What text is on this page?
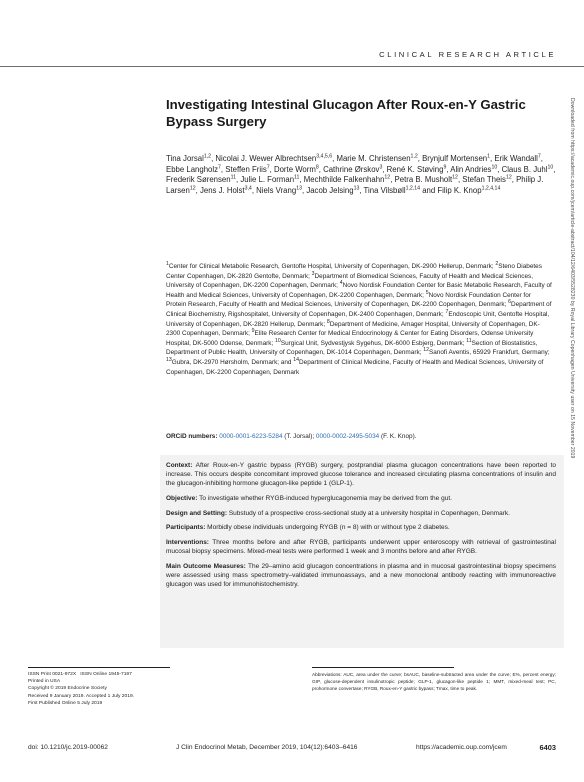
CLINICAL RESEARCH ARTICLE
Investigating Intestinal Glucagon After Roux-en-Y Gastric Bypass Surgery
Tina Jorsal$^{1,2}$, Nicolai J. Wewer Albrechtsen$^{3,4,5,6}$, Marie M. Christensen$^{1,2}$, Brynjulf Mortensen$^1$, Erik Wandall$^7$, Ebbe Langholz$^7$, Steffen Friis$^7$, Dorte Worm$^8$, Cathrine Ørskov$^3$, René K. Støving$^9$, Alin Andries$^{10}$, Claus B. Juhl$^{10}$, Frederik Sørensen$^{11}$, Julie L. Forman$^{11}$, Mechthilde Falkenhahn$^{12}$, Petra B. Musholt$^{12}$, Stefan Theis$^{12}$, Philip J. Larsen$^{12}$, Jens J. Holst$^{3,4}$, Niels Vrang$^{13}$, Jacob Jelsing$^{13}$, Tina Vilsbøll$^{1,2,14}$ and Filip K. Knop$^{1,2,4,14}$

$^1$Center for Clinical Metabolic Research, Gentofte Hospital, University of Copenhagen, DK-2900 Hellerup, Denmark;

$^2$Steno Diabetes Center Copenhagen, DK-2820 Gentofte, Denmark;

$^3$Department of Biomedical Sciences, Faculty of Health and Medical Sciences, University of Copenhagen, DK-2200 Copenhagen, Denmark;

$^4$Novo Nordisk Foundation Center for Basic Metabolic Research, Faculty of Health and Medical Sciences, University of Copenhagen, DK-2200 Copenhagen, Denmark;

$^5$Novo Nordisk Foundation Center for Protein Research, Faculty of Health and Medical Sciences, University of Copenhagen, DK-2200 Copenhagen, Denmark;

$^6$Department of Clinical Biochemistry, Rigshospitalet, University of Copenhagen, DK-2400 Copenhagen, Denmark;

$^7$Endoscopic Unit, Gentofte Hospital, University of Copenhagen, DK-2820 Hellerup, Denmark;

$^8$Department of Medicine, Amager Hospital, University of Copenhagen, DK-2300 Copenhagen, Denmark;

$^9$Elite Research Center for Medical Endocrinology & Center for Eating Disorders, Odense University Hospital, DK-5000 Odense, Denmark;

$^{10}$Surgical Unit, Sydvestjysk Sygehus, DK-6000 Esbjerg, Denmark;

$^{11}$Section of Biostatistics, Department of Public Health, University of Copenhagen, DK-1014 Copenhagen, Denmark;

$^{12}$Sanofi Aventis, 65929 Frankfurt, Germany;

$^{13}$Gubra, DK-2970 Hørsholm, Denmark; and

$^{14}$Department of Clinical Medicine, Faculty of Health and Medical Sciences, University of Copenhagen, DK-2200 Copenhagen, Denmark

ORCiD numbers: 0000-0001-6223-5284 (T. Jorsal); 0000-0002-2495-5034 (F. K. Knop).

Context: After Roux-en-Y gastric bypass (RYGB) surgery, postprandial plasma glucagon concentrations have been reported to increase. This occurs despite concomitant improved glucose tolerance and increased circulating plasma concentrations of insulin and the glucagon-inhibiting hormone glucagon-like peptide 1 (GLP-1).

Objective: To investigate whether RYGB-induced hyperglucagonemia may be derived from the gut.

Design and Setting: Substudy of a prospective cross-sectional study at a university hospital in Copenhagen, Denmark.

Participants: Morbidly obese individuals undergoing RYGB (n = 8) with or without type 2 diabetes.

Interventions: Three months before and after RYGB, participants underwent upper enteroscopy with retrieval of gastrointestinal mucosal biopsy specimens. Mixed-meal tests were performed 1 week and 3 months before and after RYGB.

Main Outcome Measures: The 29–amino acid glucagon concentrations in plasma and in mucosal gastrointestinal biopsy specimens were assessed using mass spectrometry–validated immunoassays, and a new monoclonal antibody reacting with immunoreactive glucagon was used for immunohistochemistry.

ISSN Print 0021-972X   ISSN Online 1945-7197
Printed in USA
Copyright © 2019 Endocrine Society
Received 9 January 2019. Accepted 1 July 2019.
First Published Online 5 July 2019
Abbreviations: AUC, area under the curve; bsAUC, baseline-subtracted area under the curve; E%, percent energy; GIP, glucose-dependent insulinotropic peptide; GLP-1, glucagon-like peptide 1; MMT, mixed-meal test; PC, prohormone convertase; RYGB, Roux-en-Y gastric bypass; Tmax, time to peak.
doi: 10.1210/jc.2019-00062	J Clin Endocrinol Metab, December 2019, 104(12):6403–6416	https://academic.oup.com/jcem	6403
Downloaded from https://academic.oup.com/jcem/article-abstract/104/12/6403/5528230 by Royal Library Copenhagen University user on 15 November 2019
